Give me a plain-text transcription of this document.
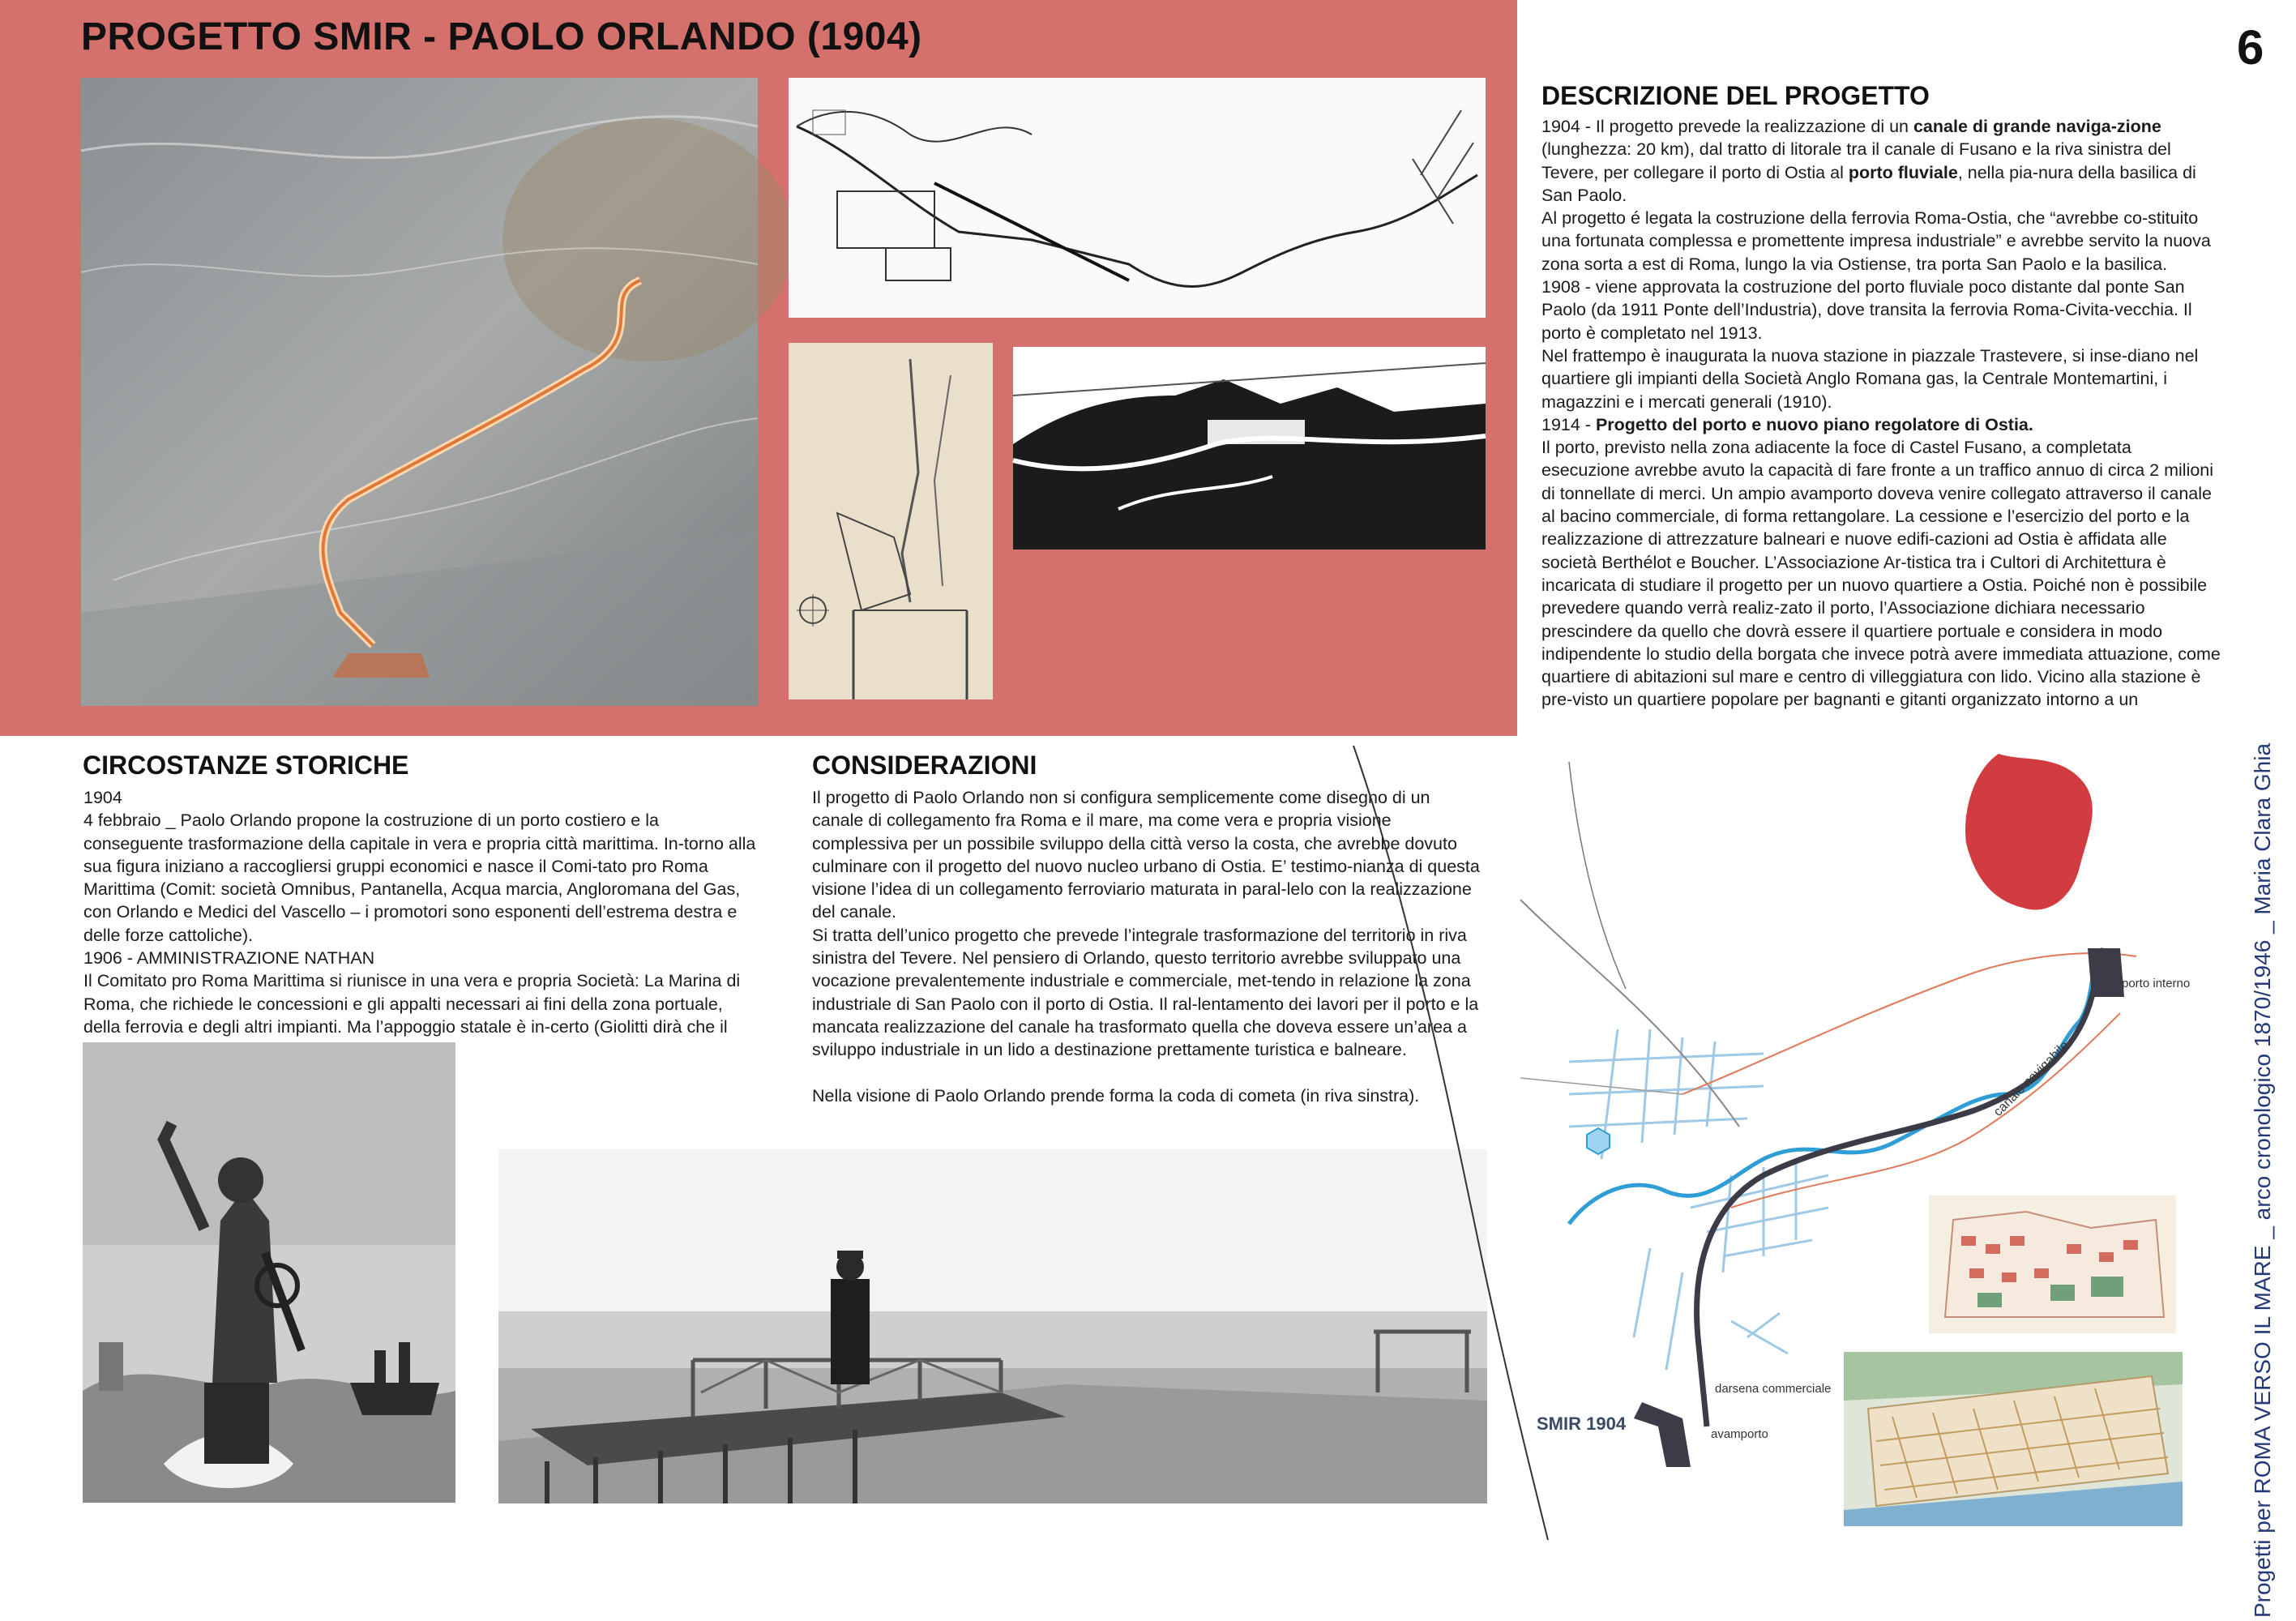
PROGETTO SMIR - PAOLO ORLANDO (1904)	6
CIRCOSTANZE STORICHE

1904

4 febbraio _ Paolo Orlando propone la costruzione di un porto costiero e la conseguente trasformazione della capitale in vera e propria città marittima. In-torno alla sua figura iniziano a raccogliersi gruppi economici e nasce il Comi-tato pro Roma Marittima (Comit: società Omnibus, Pantanella, Acqua marcia, Angloromana del Gas, con Orlando e Medici del Vascello – i promotori sono esponenti dell’estrema destra e delle forze cattoliche).

1906 - AMMINISTRAZIONE NATHAN

Il Comitato pro Roma Marittima si riunisce in una vera e propria Società: La Marina di Roma, che richiede le concessioni e gli appalti necessari ai fini della zona portuale, della ferrovia e degli altri impianti. Ma l’appoggio statale è in-certo (Giolitti dirà che il

CONSIDERAZIONI

Il progetto di Paolo Orlando non si configura semplicemente come disegno di un canale di collegamento fra Roma e il mare, ma come vera e propria visione complessiva per un possibile sviluppo della città verso la costa, che avrebbe dovuto culminare con il progetto del nuovo nucleo urbano di Ostia. E’ testimo-nianza di questa visione l’idea di un collegamento ferroviario maturata in paral-lelo con la realizzazione del canale.

Si tratta dell’unico progetto che prevede l’integrale trasformazione del territorio in riva sinistra del Tevere. Nel pensiero di Orlando, questo territorio avrebbe sviluppato una vocazione prevalentemente industriale e commerciale, met-tendo in relazione la zona industriale di San Paolo con il porto di Ostia. Il ral-lentamento dei lavori per il porto e la mancata realizzazione del canale ha trasformato quella che doveva essere un’area a sviluppo industriale in un lido a destinazione prettamente turistica e balneare.

Nella visione di Paolo Orlando prende forma la coda di cometa (in riva sinstra).

DESCRIZIONE DEL PROGETTO

1904 - Il progetto prevede la realizzazione di un canale di grande naviga-zione (lunghezza: 20 km), dal tratto di litorale tra il canale di Fusano e la riva sinistra del Tevere, per collegare il porto di Ostia al porto fluviale, nella pia-nura della basilica di San Paolo.

Al progetto é legata la costruzione della ferrovia Roma-Ostia, che “avrebbe co-stituito una fortunata complessa e promettente impresa industriale” e avrebbe servito la nuova zona sorta a est di Roma, lungo la via Ostiense, tra porta San Paolo e la basilica.

1908 - viene approvata la costruzione del porto fluviale poco distante dal ponte San Paolo (da 1911 Ponte dell’Industria), dove transita la ferrovia Roma-Civita-vecchia. Il porto è completato nel 1913.

Nel frattempo è inaugurata la nuova stazione in piazzale Trastevere, si inse-diano nel quartiere gli impianti della Società Anglo Romana gas, la Centrale Montemartini, i magazzini e i mercati generali (1910).

1914 - Progetto del porto e nuovo piano regolatore di Ostia.

Il porto, previsto nella zona adiacente la foce di Castel Fusano, a completata esecuzione avrebbe avuto la capacità di fare fronte a un traffico annuo di circa 2 milioni di tonnellate di merci. Un ampio avamporto doveva venire collegato attraverso il canale al bacino commerciale, di forma rettangolare. La cessione e l’esercizio del porto e la realizzazione di attrezzature balneari e nuove edifi-cazioni ad Ostia è affidata alle società Berthélot e Boucher. L’Associazione Ar-tistica tra i Cultori di Architettura è incaricata di studiare il progetto per un nuovo quartiere a Ostia. Poiché non è possibile prevedere quando verrà realiz-zato il porto, l’Associazione dichiara necessario prescindere da quello che dovrà essere il quartiere portuale e considera in modo indipendente lo studio della borgata che invece potrà avere immediata attuazione, come quartiere di abitazioni sul mare e centro di villeggiatura con lido. Vicino alla stazione è pre-visto un quartiere popolare per bagnanti e gitanti organizzato intorno a un

SMIR 1904
porto interno
canale navigabile
darsena commerciale
avamporto	Progetti per ROMA VERSO IL MARE _ arco cronologico 1870/1946 _ Maria Clara Ghia
